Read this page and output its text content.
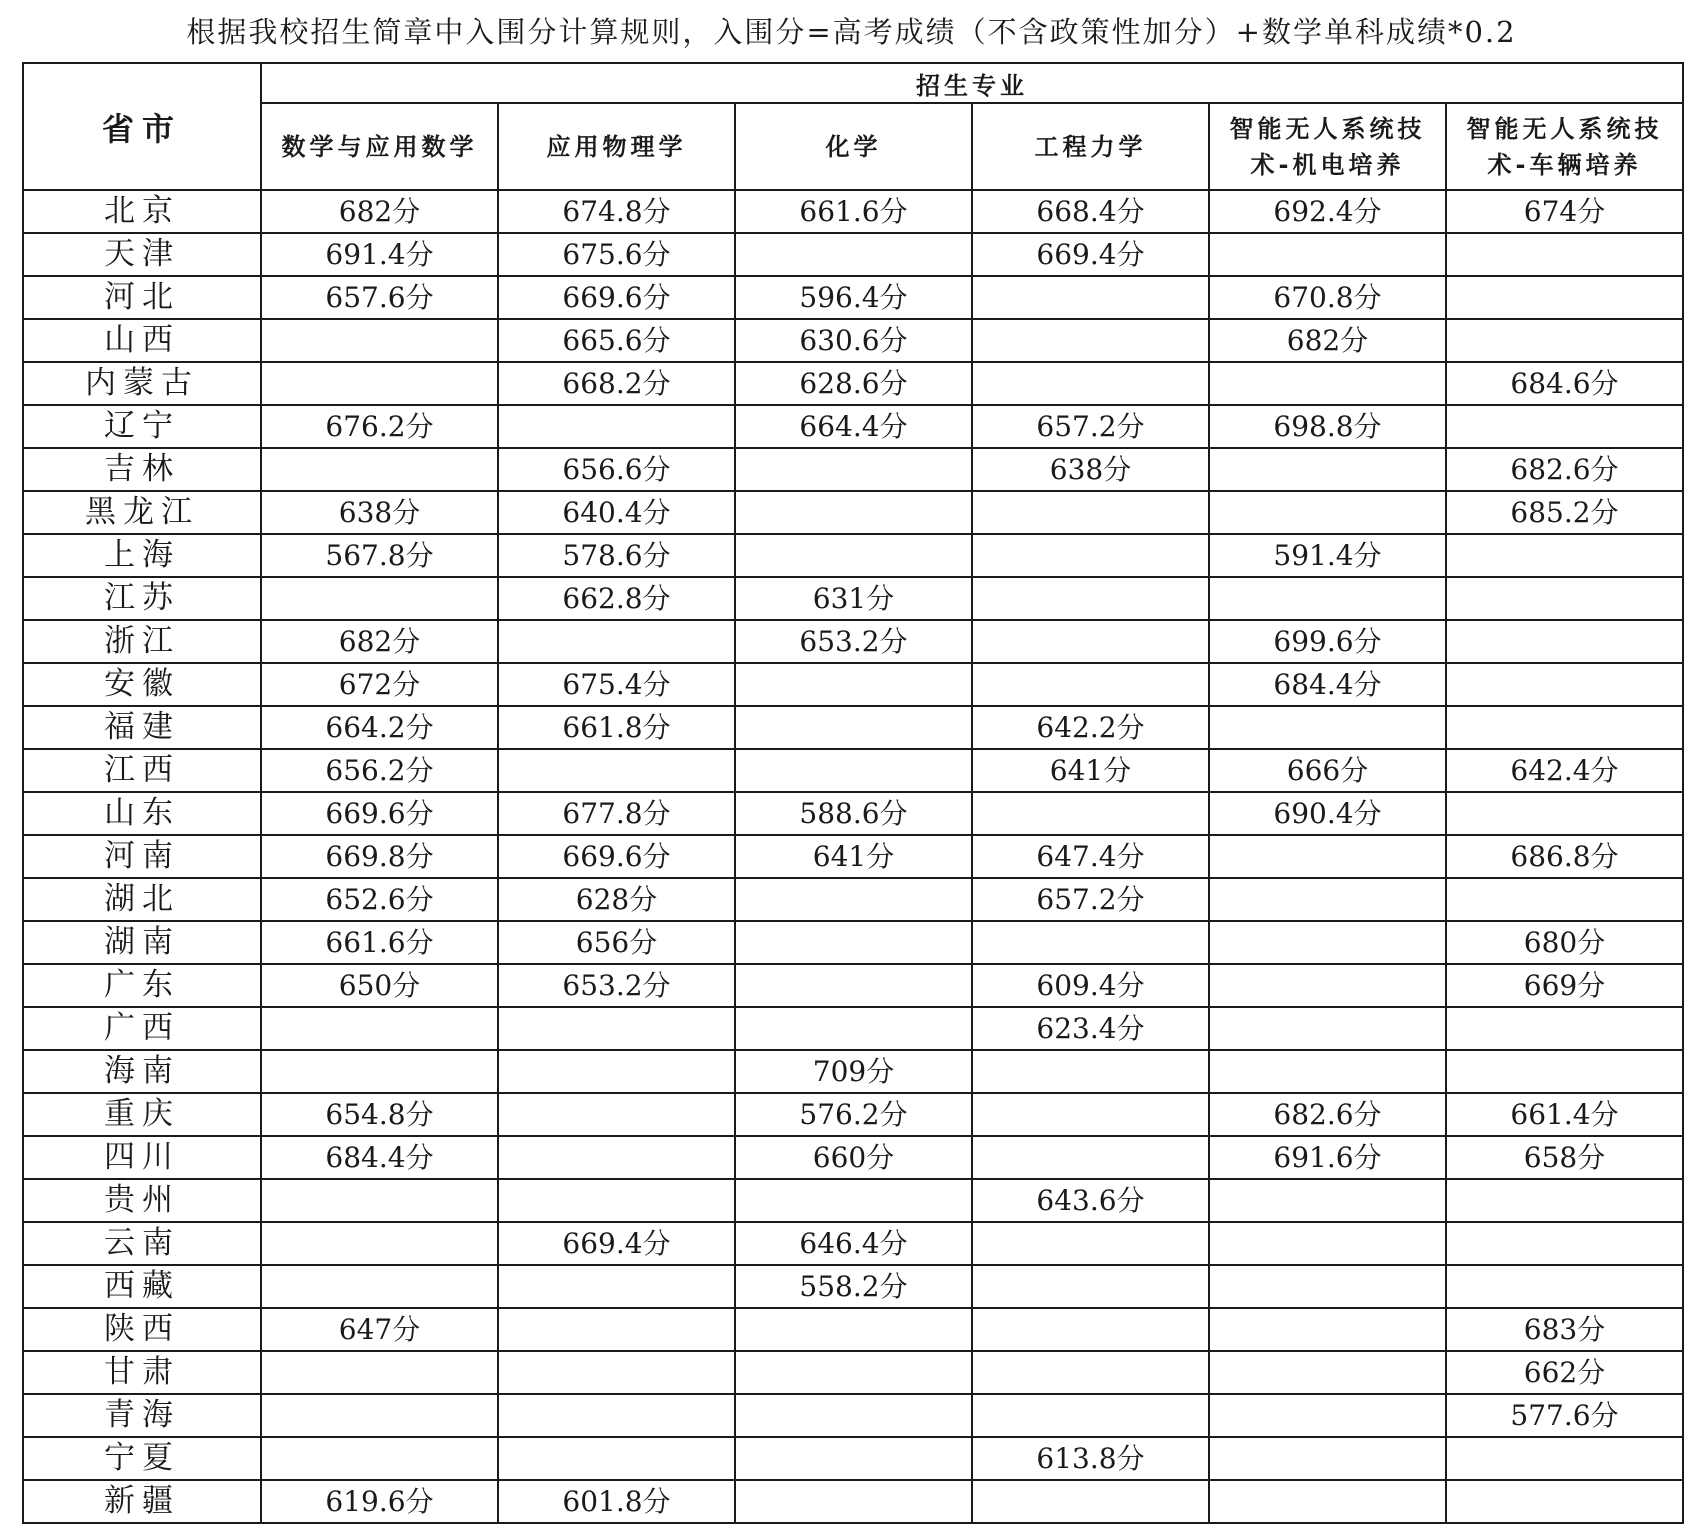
根据我校招生简章中入围分计算规则，入围分=高考成绩（不含政策性加分）+数学单科成绩*0.2
省市	招生专业					
	数学与应用数学	应用物理学	化学	工程力学	智能无人系统技术-机电培养	智能无人系统技术-车辆培养
北京	682分	674.8分	661.6分	668.4分	692.4分	674分
天津	691.4分	675.6分		669.4分		
河北	657.6分	669.6分	596.4分		670.8分	
山西		665.6分	630.6分		682分	
内蒙古		668.2分	628.6分			684.6分
辽宁	676.2分		664.4分	657.2分	698.8分	
吉林		656.6分		638分		682.6分
黑龙江	638分	640.4分				685.2分
上海	567.8分	578.6分			591.4分	
江苏		662.8分	631分			
浙江	682分		653.2分		699.6分	
安徽	672分	675.4分			684.4分	
福建	664.2分	661.8分		642.2分		
江西	656.2分			641分	666分	642.4分
山东	669.6分	677.8分	588.6分		690.4分	
河南	669.8分	669.6分	641分	647.4分		686.8分
湖北	652.6分	628分		657.2分		
湖南	661.6分	656分				680分
广东	650分	653.2分		609.4分		669分
广西				623.4分		
海南			709分			
重庆	654.8分		576.2分		682.6分	661.4分
四川	684.4分		660分		691.6分	658分
贵州				643.6分		
云南		669.4分	646.4分			
西藏			558.2分			
陕西	647分					683分
甘肃						662分
青海						577.6分
宁夏				613.8分		
新疆	619.6分	601.8分				
